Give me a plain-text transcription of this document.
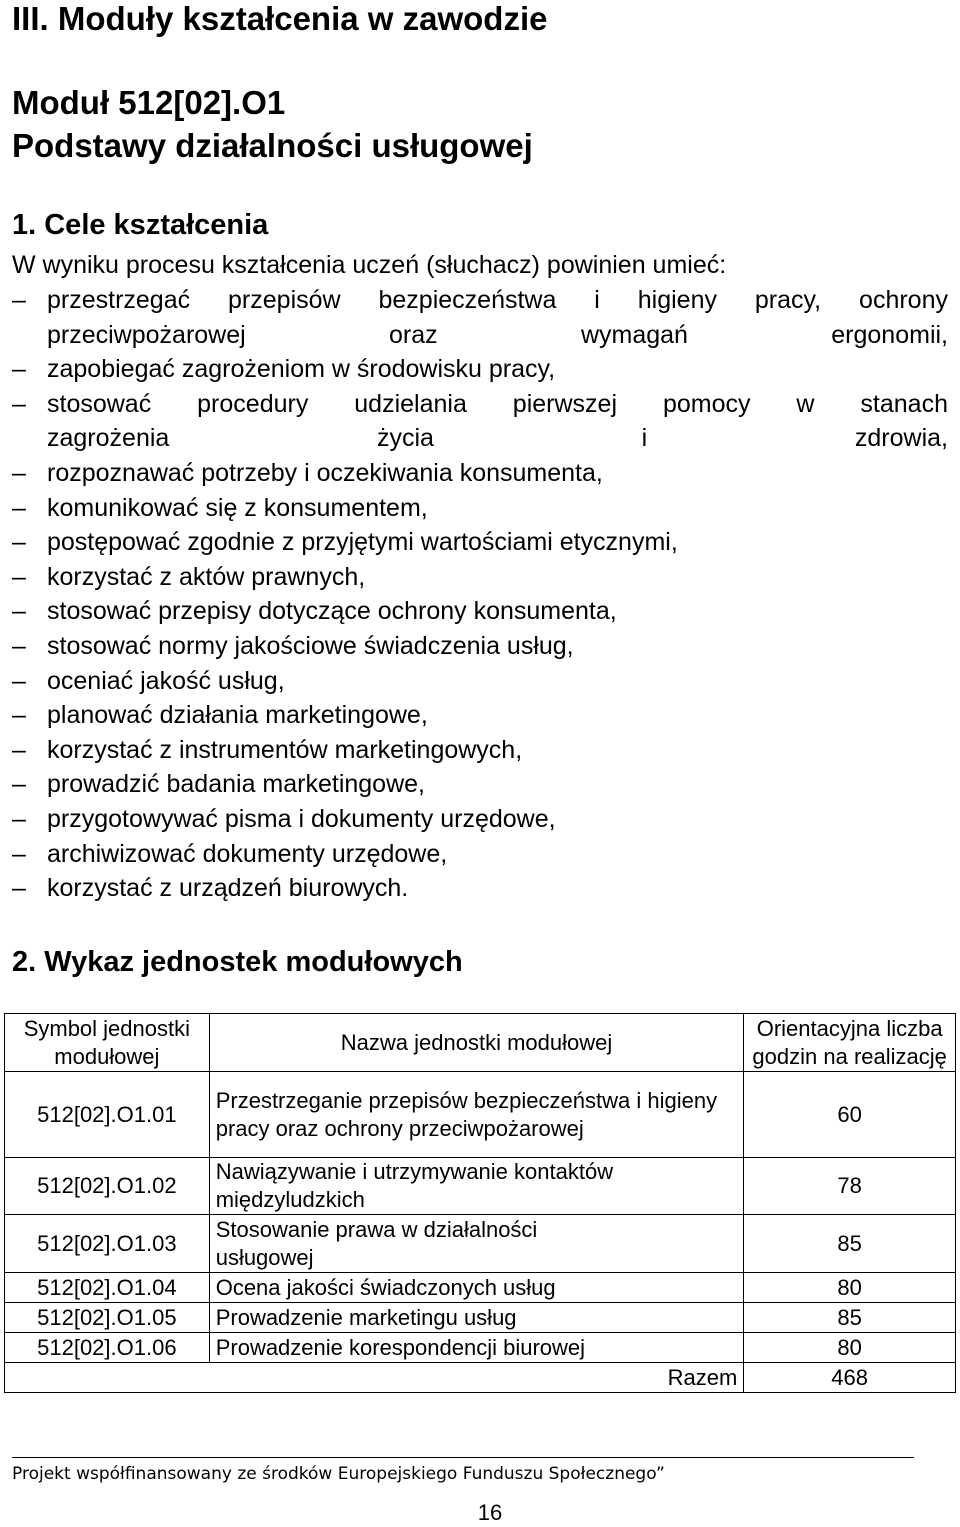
III. Moduły kształcenia w zawodzie
Moduł 512[02].O1
Podstawy działalności usługowej
1. Cele kształcenia
W wyniku procesu kształcenia uczeń (słuchacz) powinien umieć:
– przestrzegać przepisów bezpieczeństwa i higieny pracy, ochrony
przeciwpożarowej oraz wymagań ergonomii,
– zapobiegać zagrożeniom w środowisku pracy,
– stosować procedury udzielania pierwszej pomocy w stanach
zagrożenia życia i zdrowia,
– rozpoznawać potrzeby i oczekiwania konsumenta,
– komunikować się z konsumentem,
– postępować zgodnie z przyjętymi wartościami etycznymi,
– korzystać z aktów prawnych,
– stosować przepisy dotyczące ochrony konsumenta,
– stosować normy jakościowe świadczenia usług,
– oceniać jakość usług,
– planować działania marketingowe,
– korzystać z instrumentów marketingowych,
– prowadzić badania marketingowe,
– przygotowywać pisma i dokumenty urzędowe,
– archiwizować dokumenty urzędowe,
– korzystać z urządzeń biurowych.
2. Wykaz jednostek modułowych
Symbol jednostki modułowej	Nazwa jednostki modułowej	Orientacyjna liczba godzin na realizację
512[02].O1.01	Przestrzeganie przepisów bezpieczeństwa i higieny pracy oraz ochrony przeciwpożarowej	60
512[02].O1.02	Nawiązywanie i utrzymywanie kontaktów międzyludzkich	78
512[02].O1.03	Stosowanie prawa w działalności usługowej	85
512[02].O1.04	Ocena jakości świadczonych usług	80
512[02].O1.05	Prowadzenie marketingu usług	85
512[02].O1.06	Prowadzenie korespondencji biurowej	80
Razem		468
Projekt współfinansowany ze środków Europejskiego Funduszu Społecznego”
16
